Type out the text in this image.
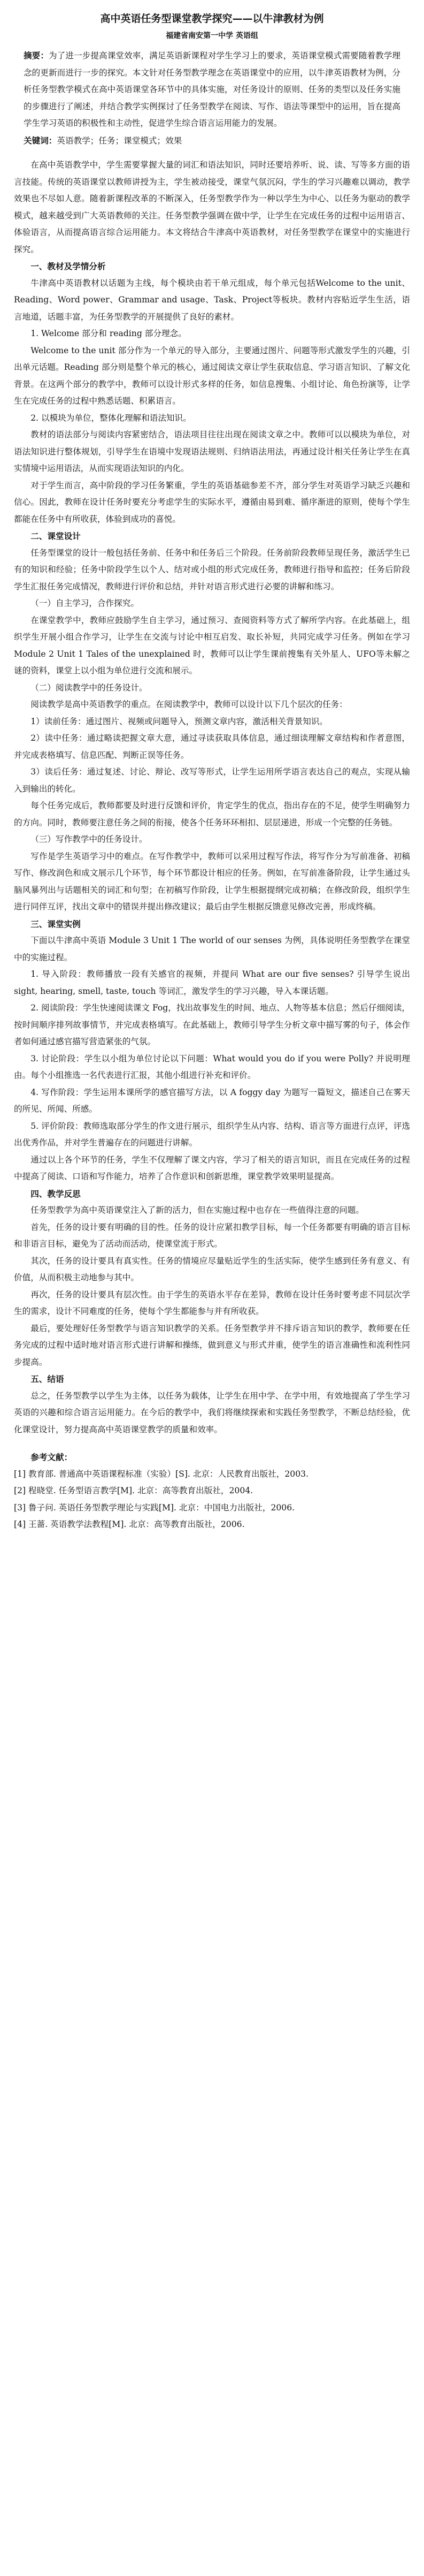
高中英语任务型课堂教学探究——以牛津教材为例
福建省南安第一中学 英语组

摘要：为了进一步提高课堂效率，满足英语新课程对学生学习上的要求，英语课堂模式需要随着教学理念的更新而进行一步的探究。本文针对任务型教学理念在英语课堂中的应用，以牛津英语教材为例，分析任务型教学模式在高中英语课堂各环节中的具体实施，对任务设计的原则、任务的类型以及任务实施的步骤进行了阐述，并结合教学实例探讨了任务型教学在阅读、写作、语法等课型中的运用，旨在提高学生学习英语的积极性和主动性，促进学生综合语言运用能力的发展。

关键词：英语教学；任务；课堂模式；效果

在高中英语教学中，学生需要掌握大量的词汇和语法知识，同时还要培养听、说、读、写等多方面的语言技能。传统的英语课堂以教师讲授为主，学生被动接受，课堂气氛沉闷，学生的学习兴趣难以调动，教学效果也不尽如人意。随着新课程改革的不断深入，任务型教学作为一种以学生为中心、以任务为驱动的教学模式，越来越受到广大英语教师的关注。任务型教学强调在做中学，让学生在完成任务的过程中运用语言、体验语言，从而提高语言综合运用能力。本文将结合牛津高中英语教材，对任务型教学在课堂中的实施进行探究。

一、教材及学情分析

牛津高中英语教材以话题为主线，每个模块由若干单元组成，每个单元包括Welcome to the unit、Reading、Word power、Grammar and usage、Task、Project等板块。教材内容贴近学生生活，语言地道，话题丰富，为任务型教学的开展提供了良好的素材。

1. Welcome 部分和 reading 部分理念。

Welcome to the unit 部分作为一个单元的导入部分，主要通过图片、问题等形式激发学生的兴趣，引出单元话题。Reading 部分则是整个单元的核心，通过阅读文章让学生获取信息、学习语言知识、了解文化背景。在这两个部分的教学中，教师可以设计形式多样的任务，如信息搜集、小组讨论、角色扮演等，让学生在完成任务的过程中熟悉话题、积累语言。

2. 以模块为单位，整体化理解和语法知识。

教材的语法部分与阅读内容紧密结合，语法项目往往出现在阅读文章之中。教师可以以模块为单位，对语法知识进行整体规划，引导学生在语境中发现语法规则、归纳语法用法，再通过设计相关任务让学生在真实情境中运用语法，从而实现语法知识的内化。

对于学生而言，高中阶段的学习任务繁重，学生的英语基础参差不齐，部分学生对英语学习缺乏兴趣和信心。因此，教师在设计任务时要充分考虑学生的实际水平，遵循由易到难、循序渐进的原则，使每个学生都能在任务中有所收获，体验到成功的喜悦。

二、课堂设计

任务型课堂的设计一般包括任务前、任务中和任务后三个阶段。任务前阶段教师呈现任务，激活学生已有的知识和经验；任务中阶段学生以个人、结对或小组的形式完成任务，教师进行指导和监控；任务后阶段学生汇报任务完成情况，教师进行评价和总结，并针对语言形式进行必要的讲解和练习。

（一）自主学习，合作探究。

在课堂教学中，教师应鼓励学生自主学习，通过预习、查阅资料等方式了解所学内容。在此基础上，组织学生开展小组合作学习，让学生在交流与讨论中相互启发、取长补短，共同完成学习任务。例如在学习 Module 2 Unit 1 Tales of the unexplained 时，教师可以让学生课前搜集有关外星人、UFO等未解之谜的资料，课堂上以小组为单位进行交流和展示。

（二）阅读教学中的任务设计。

阅读教学是高中英语教学的重点。在阅读教学中，教师可以设计以下几个层次的任务：

1）读前任务：通过图片、视频或问题导入，预测文章内容，激活相关背景知识。

2）读中任务：通过略读把握文章大意，通过寻读获取具体信息，通过细读理解文章结构和作者意图，并完成表格填写、信息匹配、判断正误等任务。

3）读后任务：通过复述、讨论、辩论、改写等形式，让学生运用所学语言表达自己的观点，实现从输入到输出的转化。

每个任务完成后，教师都要及时进行反馈和评价，肯定学生的优点，指出存在的不足，使学生明确努力的方向。同时，教师要注意任务之间的衔接，使各个任务环环相扣、层层递进，形成一个完整的任务链。

（三）写作教学中的任务设计。

写作是学生英语学习中的难点。在写作教学中，教师可以采用过程写作法，将写作分为写前准备、初稿写作、修改润色和成文展示几个环节，每个环节都设计相应的任务。例如，在写前准备阶段，让学生通过头脑风暴列出与话题相关的词汇和句型；在初稿写作阶段，让学生根据提纲完成初稿；在修改阶段，组织学生进行同伴互评，找出文章中的错误并提出修改建议；最后由学生根据反馈意见修改完善，形成终稿。

三、课堂实例

下面以牛津高中英语 Module 3 Unit 1 The world of our senses 为例，具体说明任务型教学在课堂中的实施过程。

1. 导入阶段：教师播放一段有关感官的视频，并提问 What are our five senses? 引导学生说出 sight, hearing, smell, taste, touch 等词汇，激发学生的学习兴趣，导入本课话题。

2. 阅读阶段：学生快速阅读课文 Fog，找出故事发生的时间、地点、人物等基本信息；然后仔细阅读，按时间顺序排列故事情节，并完成表格填写。在此基础上，教师引导学生分析文章中描写雾的句子，体会作者如何通过感官描写营造紧张的气氛。

3. 讨论阶段：学生以小组为单位讨论以下问题：What would you do if you were Polly? 并说明理由。每个小组推选一名代表进行汇报，其他小组进行补充和评价。

4. 写作阶段：学生运用本课所学的感官描写方法，以 A foggy day 为题写一篇短文，描述自己在雾天的所见、所闻、所感。

5. 评价阶段：教师选取部分学生的作文进行展示，组织学生从内容、结构、语言等方面进行点评，评选出优秀作品，并对学生普遍存在的问题进行讲解。

通过以上各个环节的任务，学生不仅理解了课文内容，学习了相关的语言知识，而且在完成任务的过程中提高了阅读、口语和写作能力，培养了合作意识和创新思维，课堂教学效果明显提高。

四、教学反思

任务型教学为高中英语课堂注入了新的活力，但在实施过程中也存在一些值得注意的问题。

首先，任务的设计要有明确的目的性。任务的设计应紧扣教学目标，每一个任务都要有明确的语言目标和非语言目标，避免为了活动而活动，使课堂流于形式。

其次，任务的设计要具有真实性。任务的情境应尽量贴近学生的生活实际，使学生感到任务有意义、有价值，从而积极主动地参与其中。

再次，任务的设计要具有层次性。由于学生的英语水平存在差异，教师在设计任务时要考虑不同层次学生的需求，设计不同难度的任务，使每个学生都能参与并有所收获。

最后，要处理好任务型教学与语言知识教学的关系。任务型教学并不排斥语言知识的教学，教师要在任务完成的过程中适时地对语言形式进行讲解和操练，做到意义与形式并重，使学生的语言准确性和流利性同步提高。

五、结语

总之，任务型教学以学生为主体，以任务为载体，让学生在用中学、在学中用，有效地提高了学生学习英语的兴趣和综合语言运用能力。在今后的教学中，我们将继续探索和实践任务型教学，不断总结经验，优化课堂设计，努力提高高中英语课堂教学的质量和效率。

参考文献：

[1] 教育部. 普通高中英语课程标准（实验）[S]. 北京：人民教育出版社，2003.

[2] 程晓堂. 任务型语言教学[M]. 北京：高等教育出版社，2004.

[3] 鲁子问. 英语任务型教学理论与实践[M]. 北京：中国电力出版社，2006.

[4] 王蔷. 英语教学法教程[M]. 北京：高等教育出版社，2006.
